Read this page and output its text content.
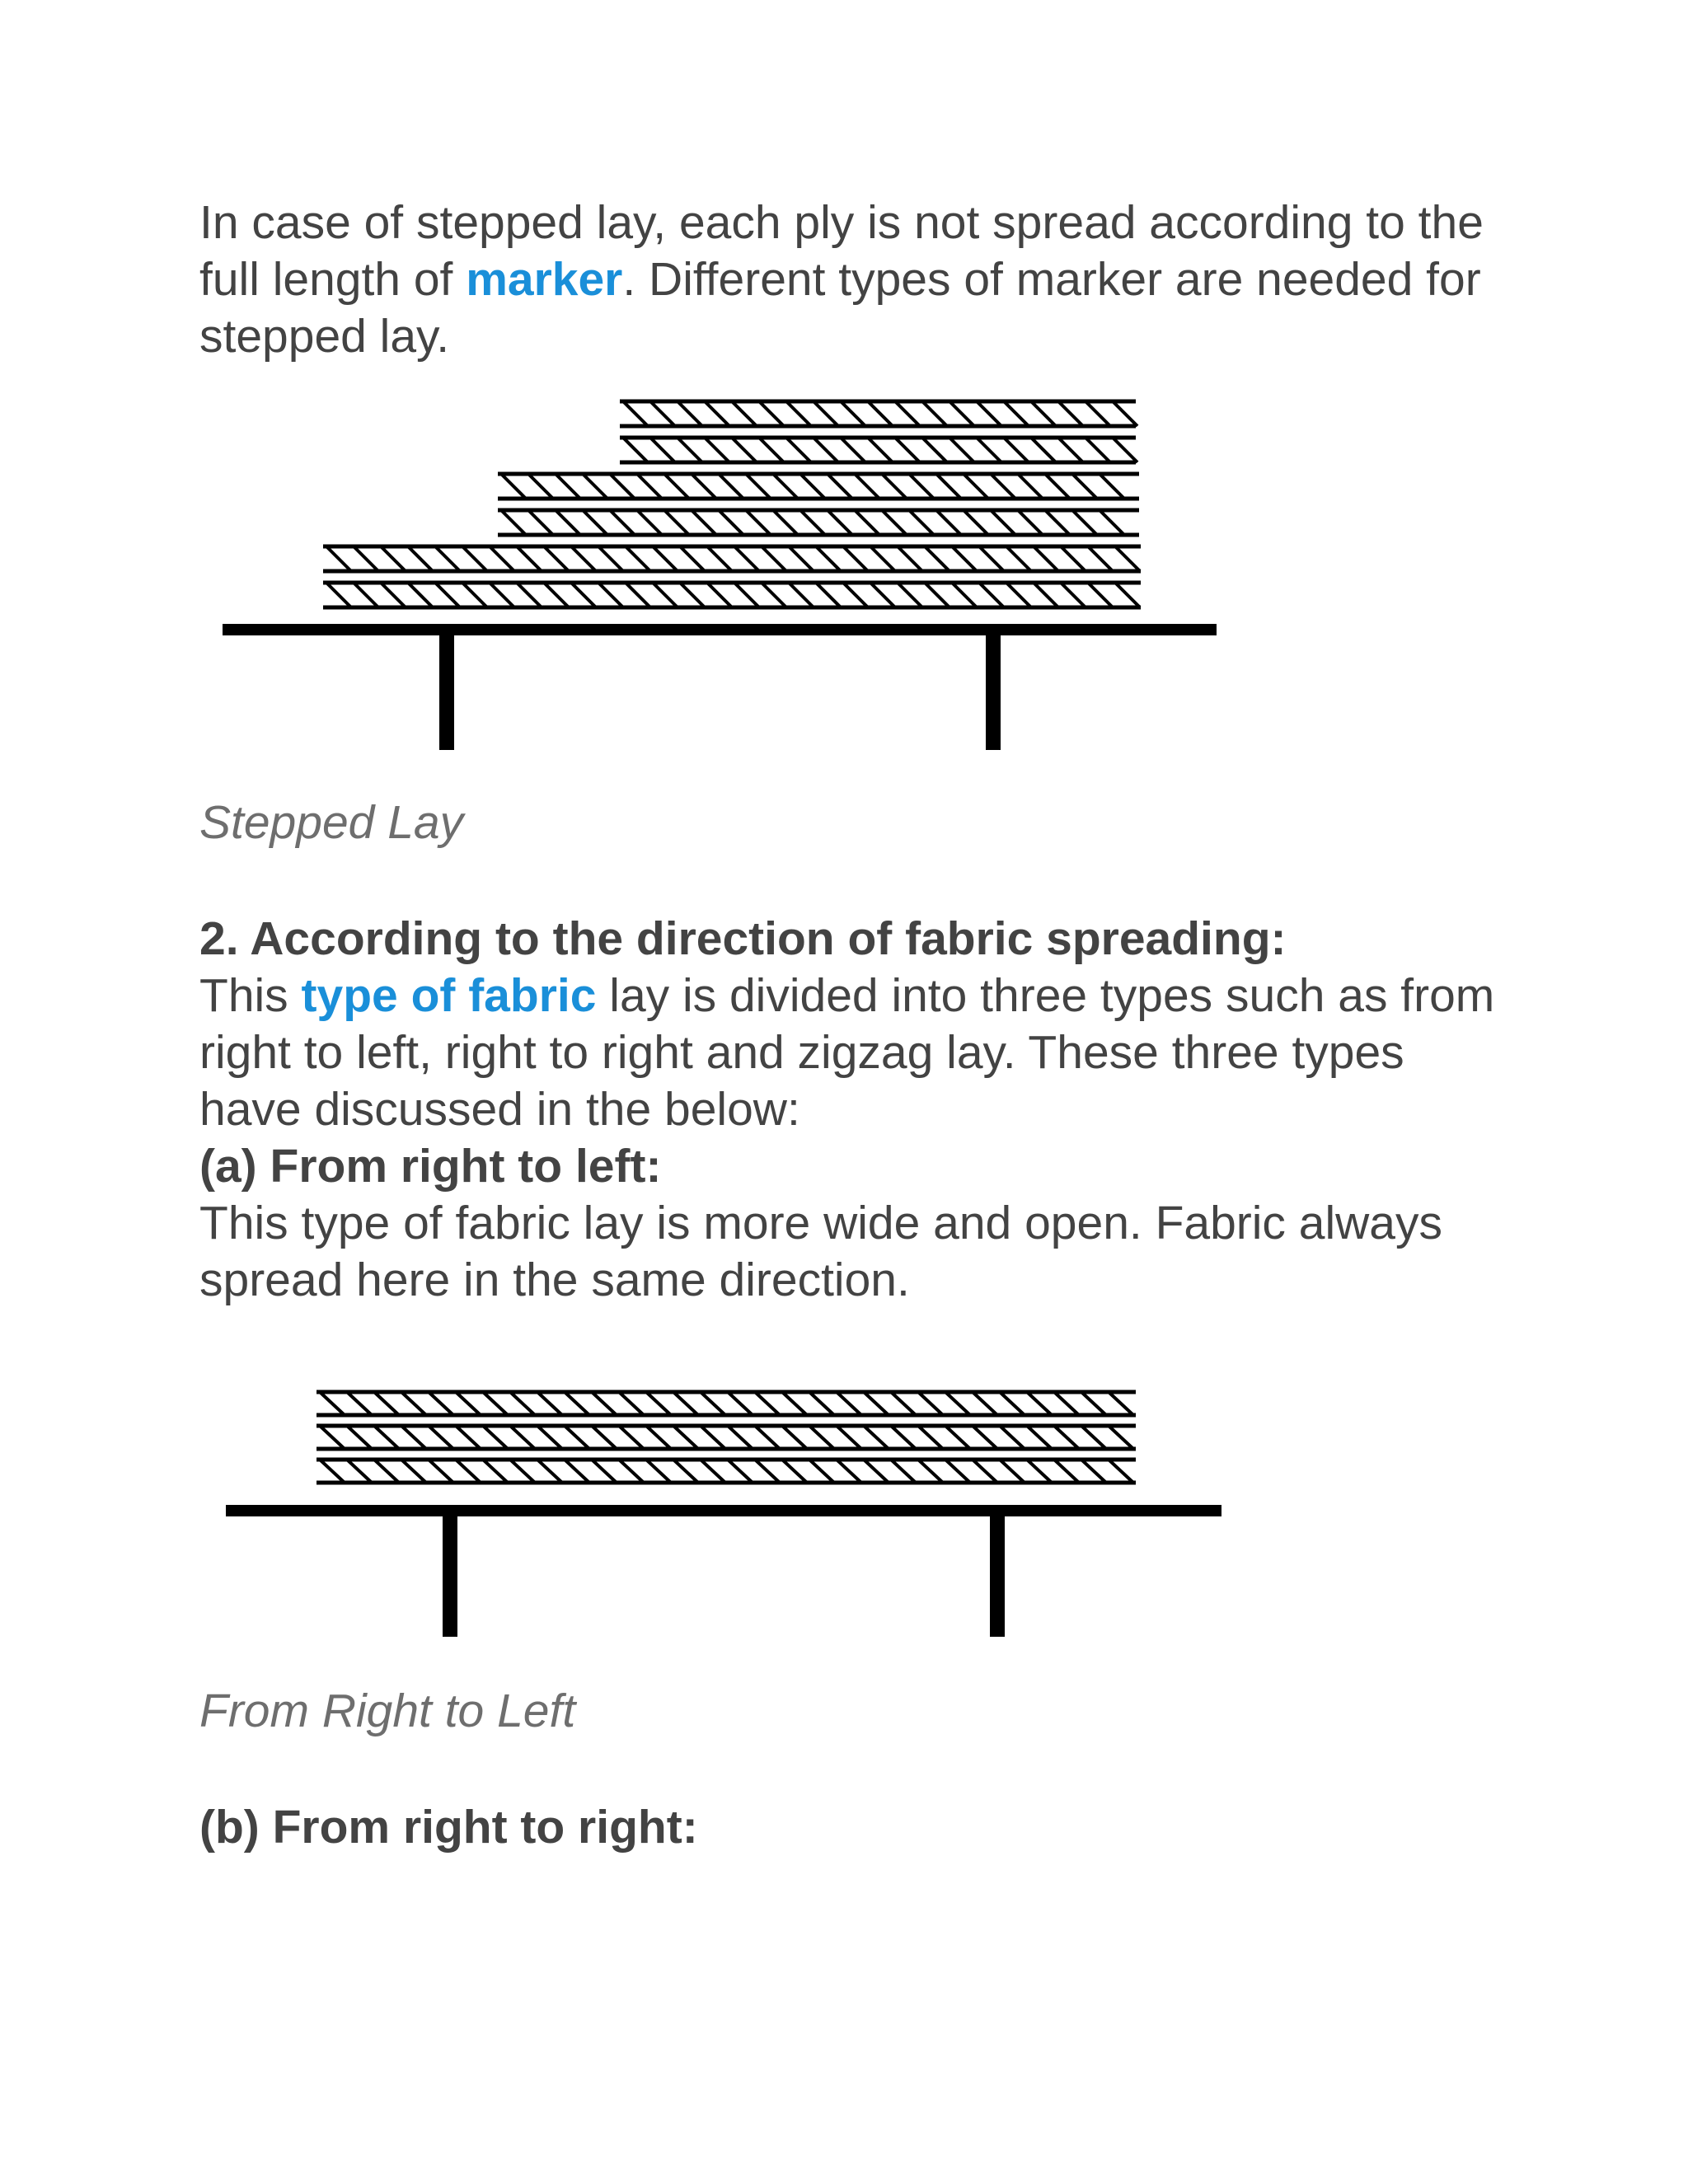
In case of stepped lay, each ply is not spread according to the full length of marker. Different types of marker are needed for stepped lay.

Stepped Lay

2. According to the direction of fabric spreading:

This type of fabric lay is divided into three types such as from right to left, right to right and zigzag lay. These three types have discussed in the below:

(a) From right to left:

This type of fabric lay is more wide and open. Fabric always spread here in the same direction.

From Right to Left

(b) From right to right:
